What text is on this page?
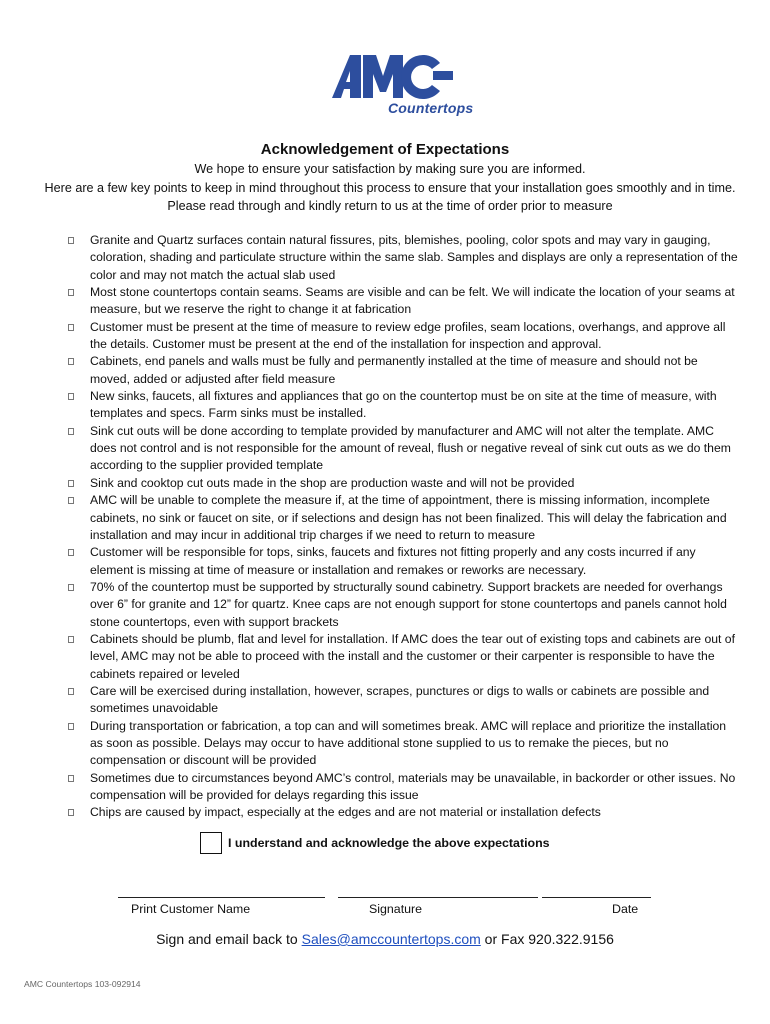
Countertops
Acknowledgement of Expectations
We hope to ensure your satisfaction by making sure you are informed.
Here are a few key points to keep in mind throughout this process to ensure that your installation goes smoothly and in time. Please read through and kindly return to us at the time of order prior to measure
Granite and Quartz surfaces contain natural fissures, pits, blemishes, pooling, color spots and may vary in gauging, coloration, shading and particulate structure within the same slab. Samples and displays are only a representation of the color and may not match the actual slab used
Most stone countertops contain seams. Seams are visible and can be felt. We will indicate the location of your seams at measure, but we reserve the right to change it at fabrication
Customer must be present at the time of measure to review edge profiles, seam locations, overhangs, and approve all the details. Customer must be present at the end of the installation for inspection and approval.
Cabinets, end panels and walls must be fully and permanently installed at the time of measure and should not be moved, added or adjusted after field measure
New sinks, faucets, all fixtures and appliances that go on the countertop must be on site at the time of measure, with templates and specs. Farm sinks must be installed.
Sink cut outs will be done according to template provided by manufacturer and AMC will not alter the template. AMC does not control and is not responsible for the amount of reveal, flush or negative reveal of sink cut outs as we do them according to the supplier provided template
Sink and cooktop cut outs made in the shop are production waste and will not be provided
AMC will be unable to complete the measure if, at the time of appointment, there is missing information, incomplete cabinets, no sink or faucet on site, or if selections and design has not been finalized. This will delay the fabrication and installation and may incur in additional trip charges if we need to return to measure
Customer will be responsible for tops, sinks, faucets and fixtures not fitting properly and any costs incurred if any element is missing at time of measure or installation and remakes or reworks are necessary.
70% of the countertop must be supported by structurally sound cabinetry. Support brackets are needed for overhangs over 6” for granite and 12” for quartz. Knee caps are not enough support for stone countertops and panels cannot hold stone countertops, even with support brackets
Cabinets should be plumb, flat and level for installation. If AMC does the tear out of existing tops and cabinets are out of level, AMC may not be able to proceed with the install and the customer or their carpenter is responsible to have the cabinets repaired or leveled
Care will be exercised during installation, however, scrapes, punctures or digs to walls or cabinets are possible and sometimes unavoidable
During transportation or fabrication, a top can and will sometimes break. AMC will replace and prioritize the installation as soon as possible. Delays may occur to have additional stone supplied to us to remake the pieces, but no compensation or discount will be provided
Sometimes due to circumstances beyond AMC’s control, materials may be unavailable, in backorder or other issues. No compensation will be provided for delays regarding this issue
Chips are caused by impact, especially at the edges and are not material or installation defects
I understand and acknowledge the above expectations
Print Customer Name	Signature	Date
Sign and email back to Sales@amccountertops.com or Fax 920.322.9156
AMC Countertops 103-092914
